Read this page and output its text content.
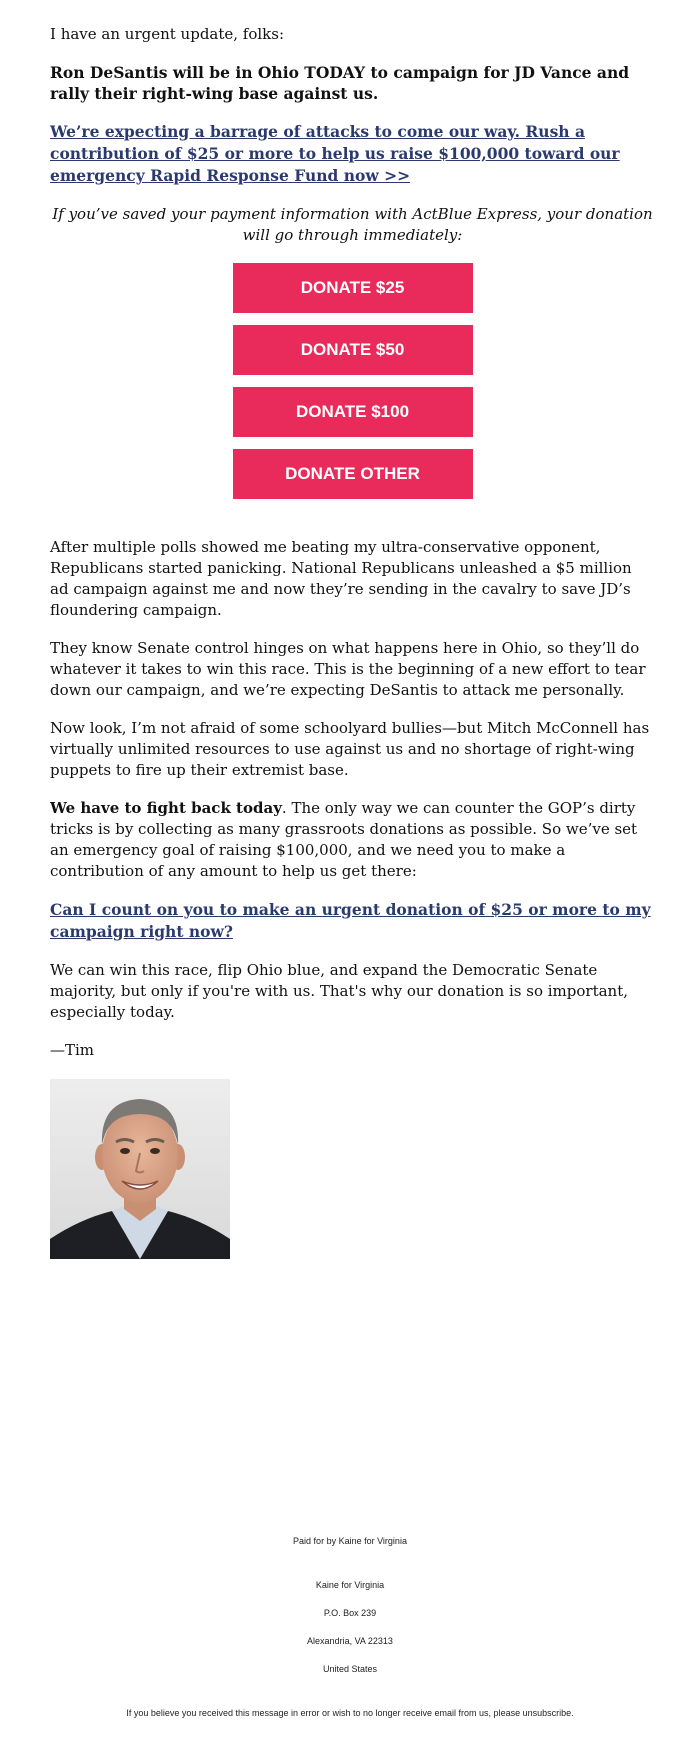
I have an urgent update, folks:

Ron DeSantis will be in Ohio TODAY to campaign for JD Vance and rally their right-wing base against us.

We’re expecting a barrage of attacks to come our way. Rush a contribution of $25 or more to help us raise $100,000 toward our emergency Rapid Response Fund now >>

If you’ve saved your payment information with ActBlue Express, your donation will go through immediately:

DONATE $25
DONATE $50
DONATE $100
DONATE OTHER

After multiple polls showed me beating my ultra-conservative opponent, Republicans started panicking. National Republicans unleashed a $5 million ad campaign against me and now they’re sending in the cavalry to save JD’s floundering campaign.

They know Senate control hinges on what happens here in Ohio, so they’ll do whatever it takes to win this race. This is the beginning of a new effort to tear down our campaign, and we’re expecting DeSantis to attack me personally.

Now look, I’m not afraid of some schoolyard bullies—but Mitch McConnell has virtually unlimited resources to use against us and no shortage of right-wing puppets to fire up their extremist base.

We have to fight back today. The only way we can counter the GOP’s dirty tricks is by collecting as many grassroots donations as possible. So we’ve set an emergency goal of raising $100,000, and we need you to make a contribution of any amount to help us get there:

Can I count on you to make an urgent donation of $25 or more to my campaign right now?

We can win this race, flip Ohio blue, and expand the Democratic Senate majority, but only if you're with us. That's why our donation is so important, especially today.

—Tim

Paid for by Kaine for Virginia
Kaine for Virginia
P.O. Box 239
Alexandria, VA 22313
United States
If you believe you received this message in error or wish to no longer receive email from us, please unsubscribe.
